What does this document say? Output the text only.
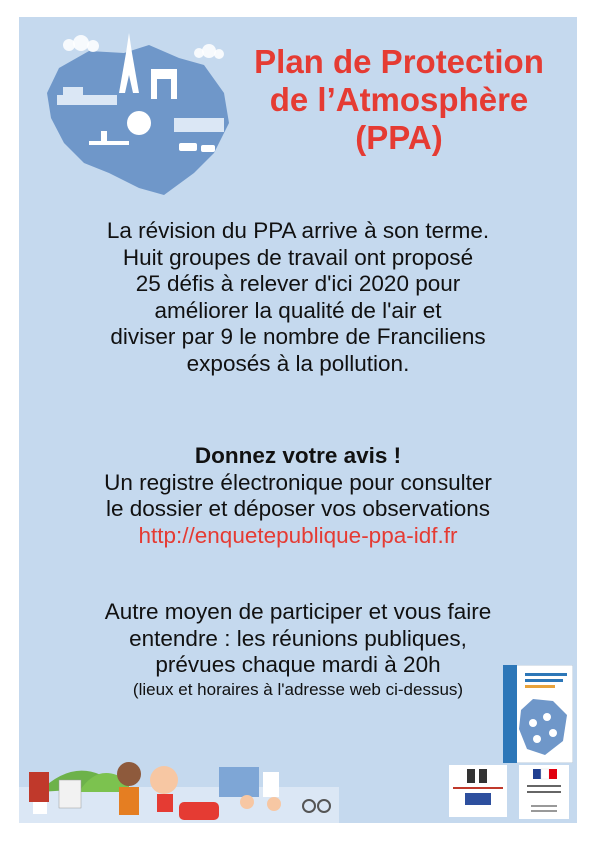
Plan de Protection
de l’Atmosphère
(PPA)
La révision du PPA arrive à son terme.
Huit groupes de travail ont proposé
25 défis à relever d'ici 2020 pour
améliorer la qualité de l'air et
diviser par 9 le nombre de Franciliens
exposés à la pollution.
Donnez votre avis !
Un registre électronique pour consulter
le dossier et déposer vos observations
http://enquetepublique-ppa-idf.fr
Autre moyen de participer et vous faire
entendre : les réunions publiques,
prévues chaque mardi à 20h
(lieux et horaires à l'adresse web ci-dessus)
